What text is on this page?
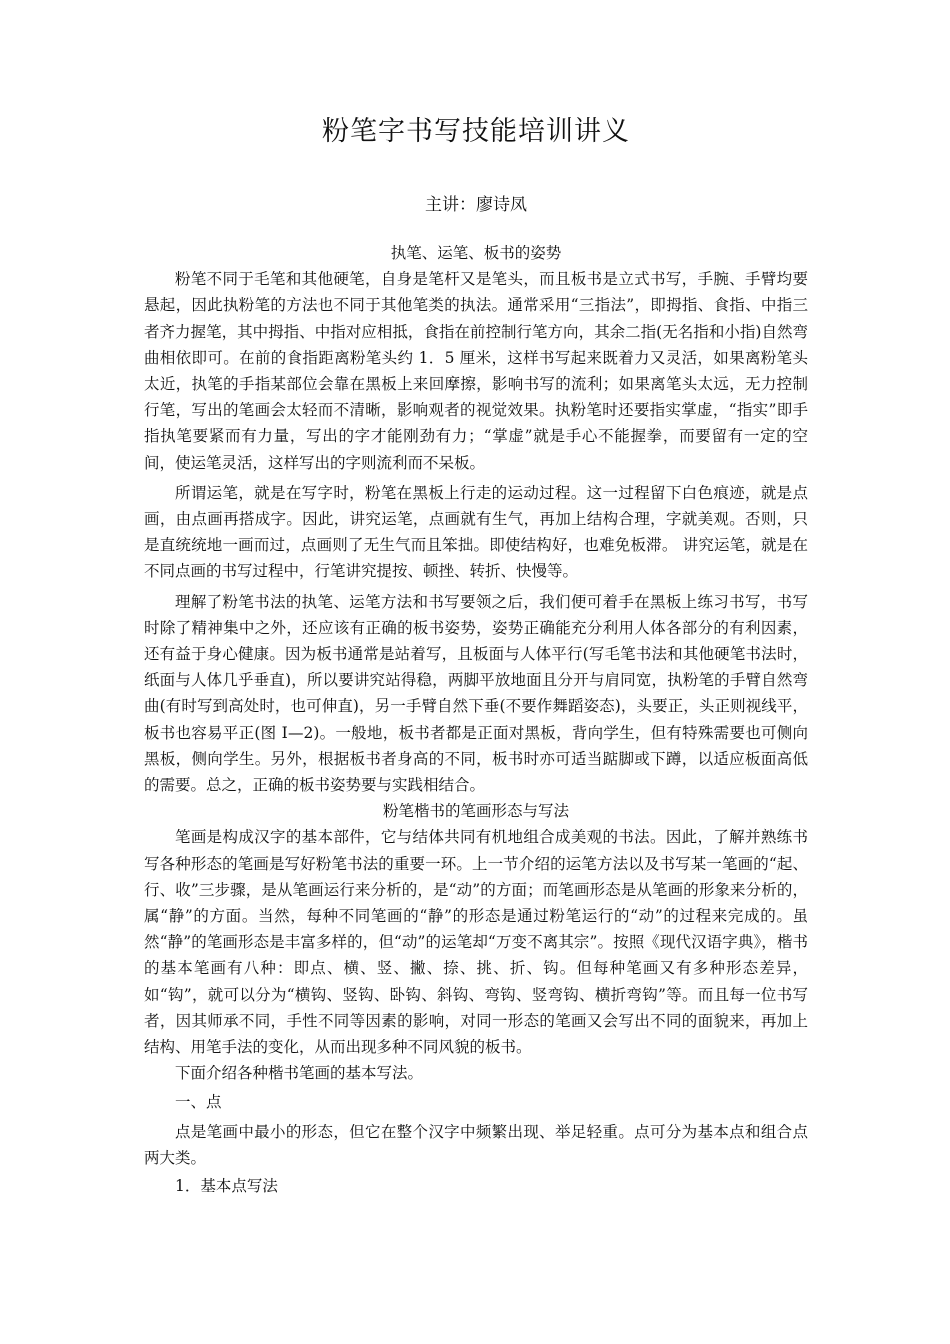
粉笔字书写技能培训讲义
主讲：廖诗凤
执笔、运笔、板书的姿势

粉笔不同于毛笔和其他硬笔，自身是笔杆又是笔头，而且板书是立式书写，手腕、手臂均要悬起，因此执粉笔的方法也不同于其他笔类的执法。通常采用“三指法”，即拇指、食指、中指三者齐力握笔，其中拇指、中指对应相抵，食指在前控制行笔方向，其余二指(无名指和小指)自然弯曲相依即可。在前的食指距离粉笔头约 1．5 厘米，这样书写起来既着力又灵活，如果离粉笔头太近，执笔的手指某部位会靠在黑板上来回摩擦，影响书写的流利；如果离笔头太远，无力控制行笔，写出的笔画会太轻而不清晰，影响观者的视觉效果。执粉笔时还要指实掌虚，“指实”即手指执笔要紧而有力量，写出的字才能刚劲有力；“掌虚”就是手心不能握拳，而要留有一定的空间，使运笔灵活，这样写出的字则流利而不呆板。

所谓运笔，就是在写字时，粉笔在黑板上行走的运动过程。这一过程留下白色痕迹，就是点画，由点画再搭成字。因此，讲究运笔，点画就有生气，再加上结构合理，字就美观。否则，只是直统统地一画而过，点画则了无生气而且笨拙。即使结构好，也难免板滞。 讲究运笔，就是在不同点画的书写过程中，行笔讲究提按、顿挫、转折、快慢等。

理解了粉笔书法的执笔、运笔方法和书写要领之后，我们便可着手在黑板上练习书写，书写时除了精神集中之外，还应该有正确的板书姿势，姿势正确能充分利用人体各部分的有利因素，还有益于身心健康。因为板书通常是站着写，且板面与人体平行(写毛笔书法和其他硬笔书法时，纸面与人体几乎垂直)，所以要讲究站得稳，两脚平放地面且分开与肩同宽，执粉笔的手臂自然弯曲(有时写到高处时，也可伸直)，另一手臂自然下垂(不要作舞蹈姿态)，头要正，头正则视线平，板书也容易平正(图 Ⅰ—2)。一般地，板书者都是正面对黑板，背向学生，但有特殊需要也可侧向黑板，侧向学生。另外，根据板书者身高的不同，板书时亦可适当踮脚或下蹲，以适应板面高低的需要。总之，正确的板书姿势要与实践相结合。

粉笔楷书的笔画形态与写法

笔画是构成汉字的基本部件，它与结体共同有机地组合成美观的书法。因此，了解并熟练书写各种形态的笔画是写好粉笔书法的重要一环。上一节介绍的运笔方法以及书写某一笔画的“起、行、收”三步骤，是从笔画运行来分析的，是“动”的方面；而笔画形态是从笔画的形象来分析的，属“静”的方面。当然，每种不同笔画的“静”的形态是通过粉笔运行的“动”的过程来完成的。虽然“静”的笔画形态是丰富多样的，但“动”的运笔却“万变不离其宗”。按照《现代汉语字典》，楷书的基本笔画有八种：即点、横、竖、撇、捺、挑、折、钩。但每种笔画又有多种形态差异，如“钩”，就可以分为“横钩、竖钩、卧钩、斜钩、弯钩、竖弯钩、横折弯钩”等。而且每一位书写者，因其师承不同，手性不同等因素的影响，对同一形态的笔画又会写出不同的面貌来，再加上结构、用笔手法的变化，从而出现多种不同风貌的板书。

下面介绍各种楷书笔画的基本写法。

一、点

点是笔画中最小的形态，但它在整个汉字中频繁出现、举足轻重。点可分为基本点和组合点两大类。

1．基本点写法
